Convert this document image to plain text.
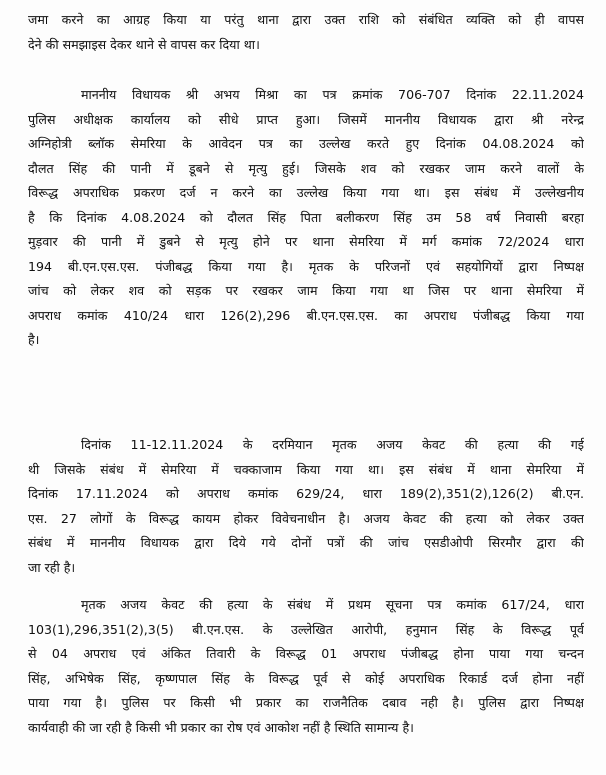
जमा करने का आग्रह किया या परंतु थाना द्वारा उक्त राशि को संबंधित व्यक्ति को ही वापस
देने की समझाइस देकर थाने से वापस कर दिया था।
माननीय विधायक श्री अभय मिश्रा का पत्र क्रमांक 706-707 दिनांक 22.11.2024
पुलिस अधीक्षक कार्यालय को सीधे प्राप्त हुआ। जिसमें माननीय विधायक द्वारा श्री नरेन्द्र
अग्निहोत्री ब्लॉक सेमरिया के आवेदन पत्र का उल्लेख करते हुए दिनांक 04.08.2024 को
दौलत सिंह की पानी में डूबने से मृत्यु हुई। जिसके शव को रखकर जाम करने वालों के
विरूद्ध अपराधिक प्रकरण दर्ज न करने का उल्लेख किया गया था। इस संबंध में उल्लेखनीय
है कि दिनांक 4.08.2024 को दौलत सिंह पिता बलीकरण सिंह उम 58 वर्ष निवासी बरहा
मुड़वार की पानी में डुबने से मृत्यु होने पर थाना सेमरिया में मर्ग कमांक 72/2024 धारा
194 बी.एन.एस.एस. पंजीबद्ध किया गया है। मृतक के परिजनों एवं सहयोगियों द्वारा निष्पक्ष
जांच को लेकर शव को सड़क पर रखकर जाम किया गया था जिस पर थाना सेमरिया में
अपराध कमांक 410/24 धारा 126(2),296 बी.एन.एस.एस. का अपराध पंजीबद्ध किया गया
है।
दिनांक 11-12.11.2024 के दरमियान मृतक अजय केवट की हत्या की गई
थी जिसके संबंध में सेमरिया में चक्काजाम किया गया था। इस संबंध में थाना सेमरिया में
दिनांक 17.11.2024 को अपराध कमांक 629/24, धारा 189(2),351(2),126(2) बी.एन.
एस. 27 लोगों के विरूद्ध कायम होकर विवेचनाधीन है। अजय केवट की हत्या को लेकर उक्त
संबंध में माननीय विधायक द्वारा दिये गये दोनों पत्रों की जांच एसडीओपी सिरमौर द्वारा की
जा रही है।
मृतक अजय केवट की हत्या के संबंध में प्रथम सूचना पत्र कमांक 617/24, धारा
103(1),296,351(2),3(5) बी.एन.एस. के उल्लेखित आरोपी, हनुमान सिंह के विरूद्ध पूर्व
से 04 अपराध एवं अंकित तिवारी के विरूद्ध 01 अपराध पंजीबद्ध होना पाया गया चन्दन
सिंह, अभिषेक सिंह, कृष्णपाल सिंह के विरूद्ध पूर्व से कोई अपराधिक रिकार्ड दर्ज होना नहीं
पाया गया है। पुलिस पर किसी भी प्रकार का राजनैतिक दबाव नही है। पुलिस द्वारा निष्पक्ष
कार्यवाही की जा रही है किसी भी प्रकार का रोष एवं आकोश नहीं है स्थिति सामान्य है।
